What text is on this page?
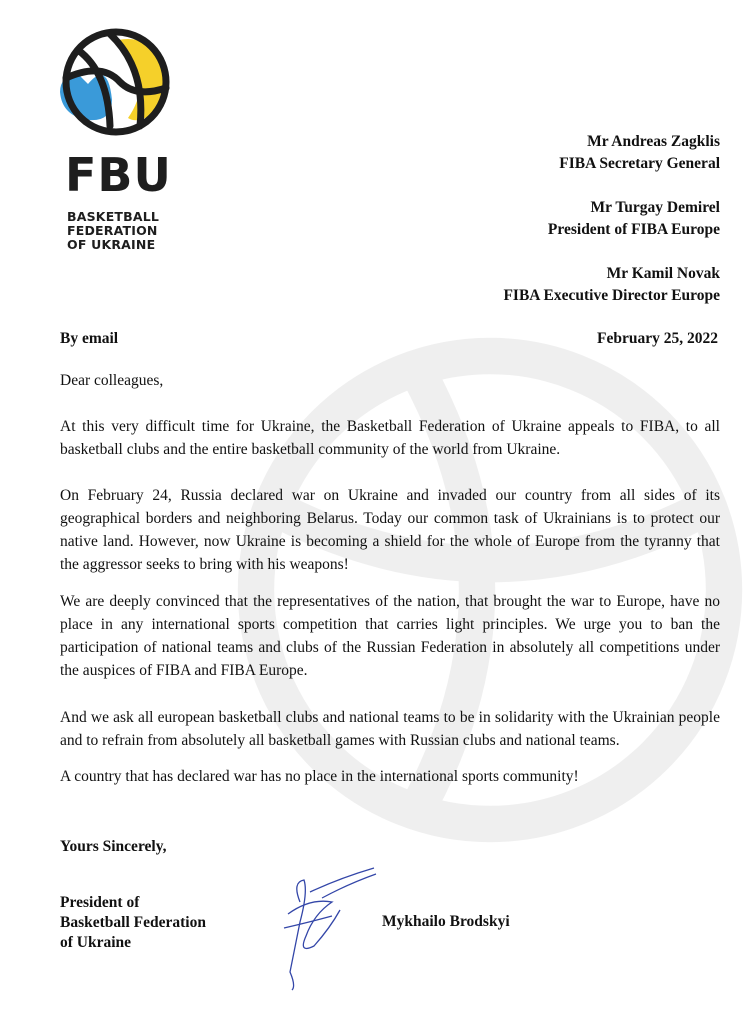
FBU
BASKETBALL
FEDERATION
OF UKRAINE
Mr Andreas Zagklis
FIBA Secretary General
Mr Turgay Demirel
President of FIBA Europe
Mr Kamil Novak
FIBA Executive Director Europe
By email	February 25, 2022
Dear colleagues,
At this very difficult time for Ukraine, the Basketball Federation of Ukraine appeals to FIBA, to all basketball clubs and the entire basketball community of the world from Ukraine.
On February 24, Russia declared war on Ukraine and invaded our country from all sides of its geographical borders and neighboring Belarus. Today our common task of Ukrainians is to protect our native land. However, now Ukraine is becoming a shield for the whole of Europe from the tyranny that the aggressor seeks to bring with his weapons!
We are deeply convinced that the representatives of the nation, that brought the war to Europe, have no place in any international sports competition that carries light principles. We urge you to ban the participation of national teams and clubs of the Russian Federation in absolutely all competitions under the auspices of FIBA and FIBA Europe.
And we ask all european basketball clubs and national teams to be in solidarity with the Ukrainian people and to refrain from absolutely all basketball games with Russian clubs and national teams.
A country that has declared war has no place in the international sports community!
Yours Sincerely,
President of
Basketball Federation
of Ukraine
Mykhailo Brodskyi
